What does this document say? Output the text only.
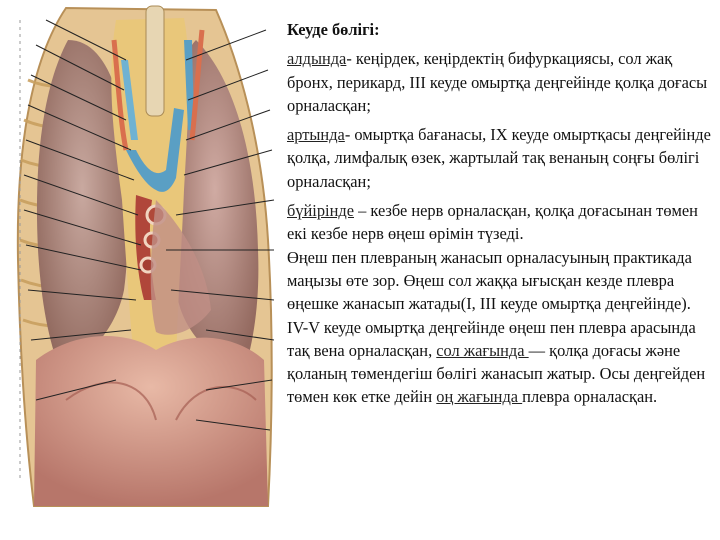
Кеуде бөлігі:

алдында- кеңірдек, кеңірдектің бифуркациясы, сол жақ бронх, перикард, III кеуде омыртқа деңгейінде қолқа доғасы орналасқан;

артында- омыртқа бағанасы, IX кеуде омыртқасы деңгейінде қолқа, лимфалық өзек, жартылай тақ венаның соңғы бөлігі орналасқан;

бүйірінде – кезбе нерв орналасқан, қолқа доғасынан төмен екі кезбе нерв өңеш өрімін түзеді.

Өңеш пен плевраның жанасып орналасуының практикада маңызы өте зор. Өңеш сол жаққа ығысқан кезде плевра өңешке жанасып жатады(I, III кеуде омыртқа деңгейінде).

IV-V кеуде омыртқа деңгейінде өңеш пен плевра арасында тақ вена орналасқан, сол жағында — қолқа доғасы және қоланың төмендегіш бөлігі жанасып жатыр. Осы деңгейден төмен көк етке дейін оң жағында плевра орналасқан.
